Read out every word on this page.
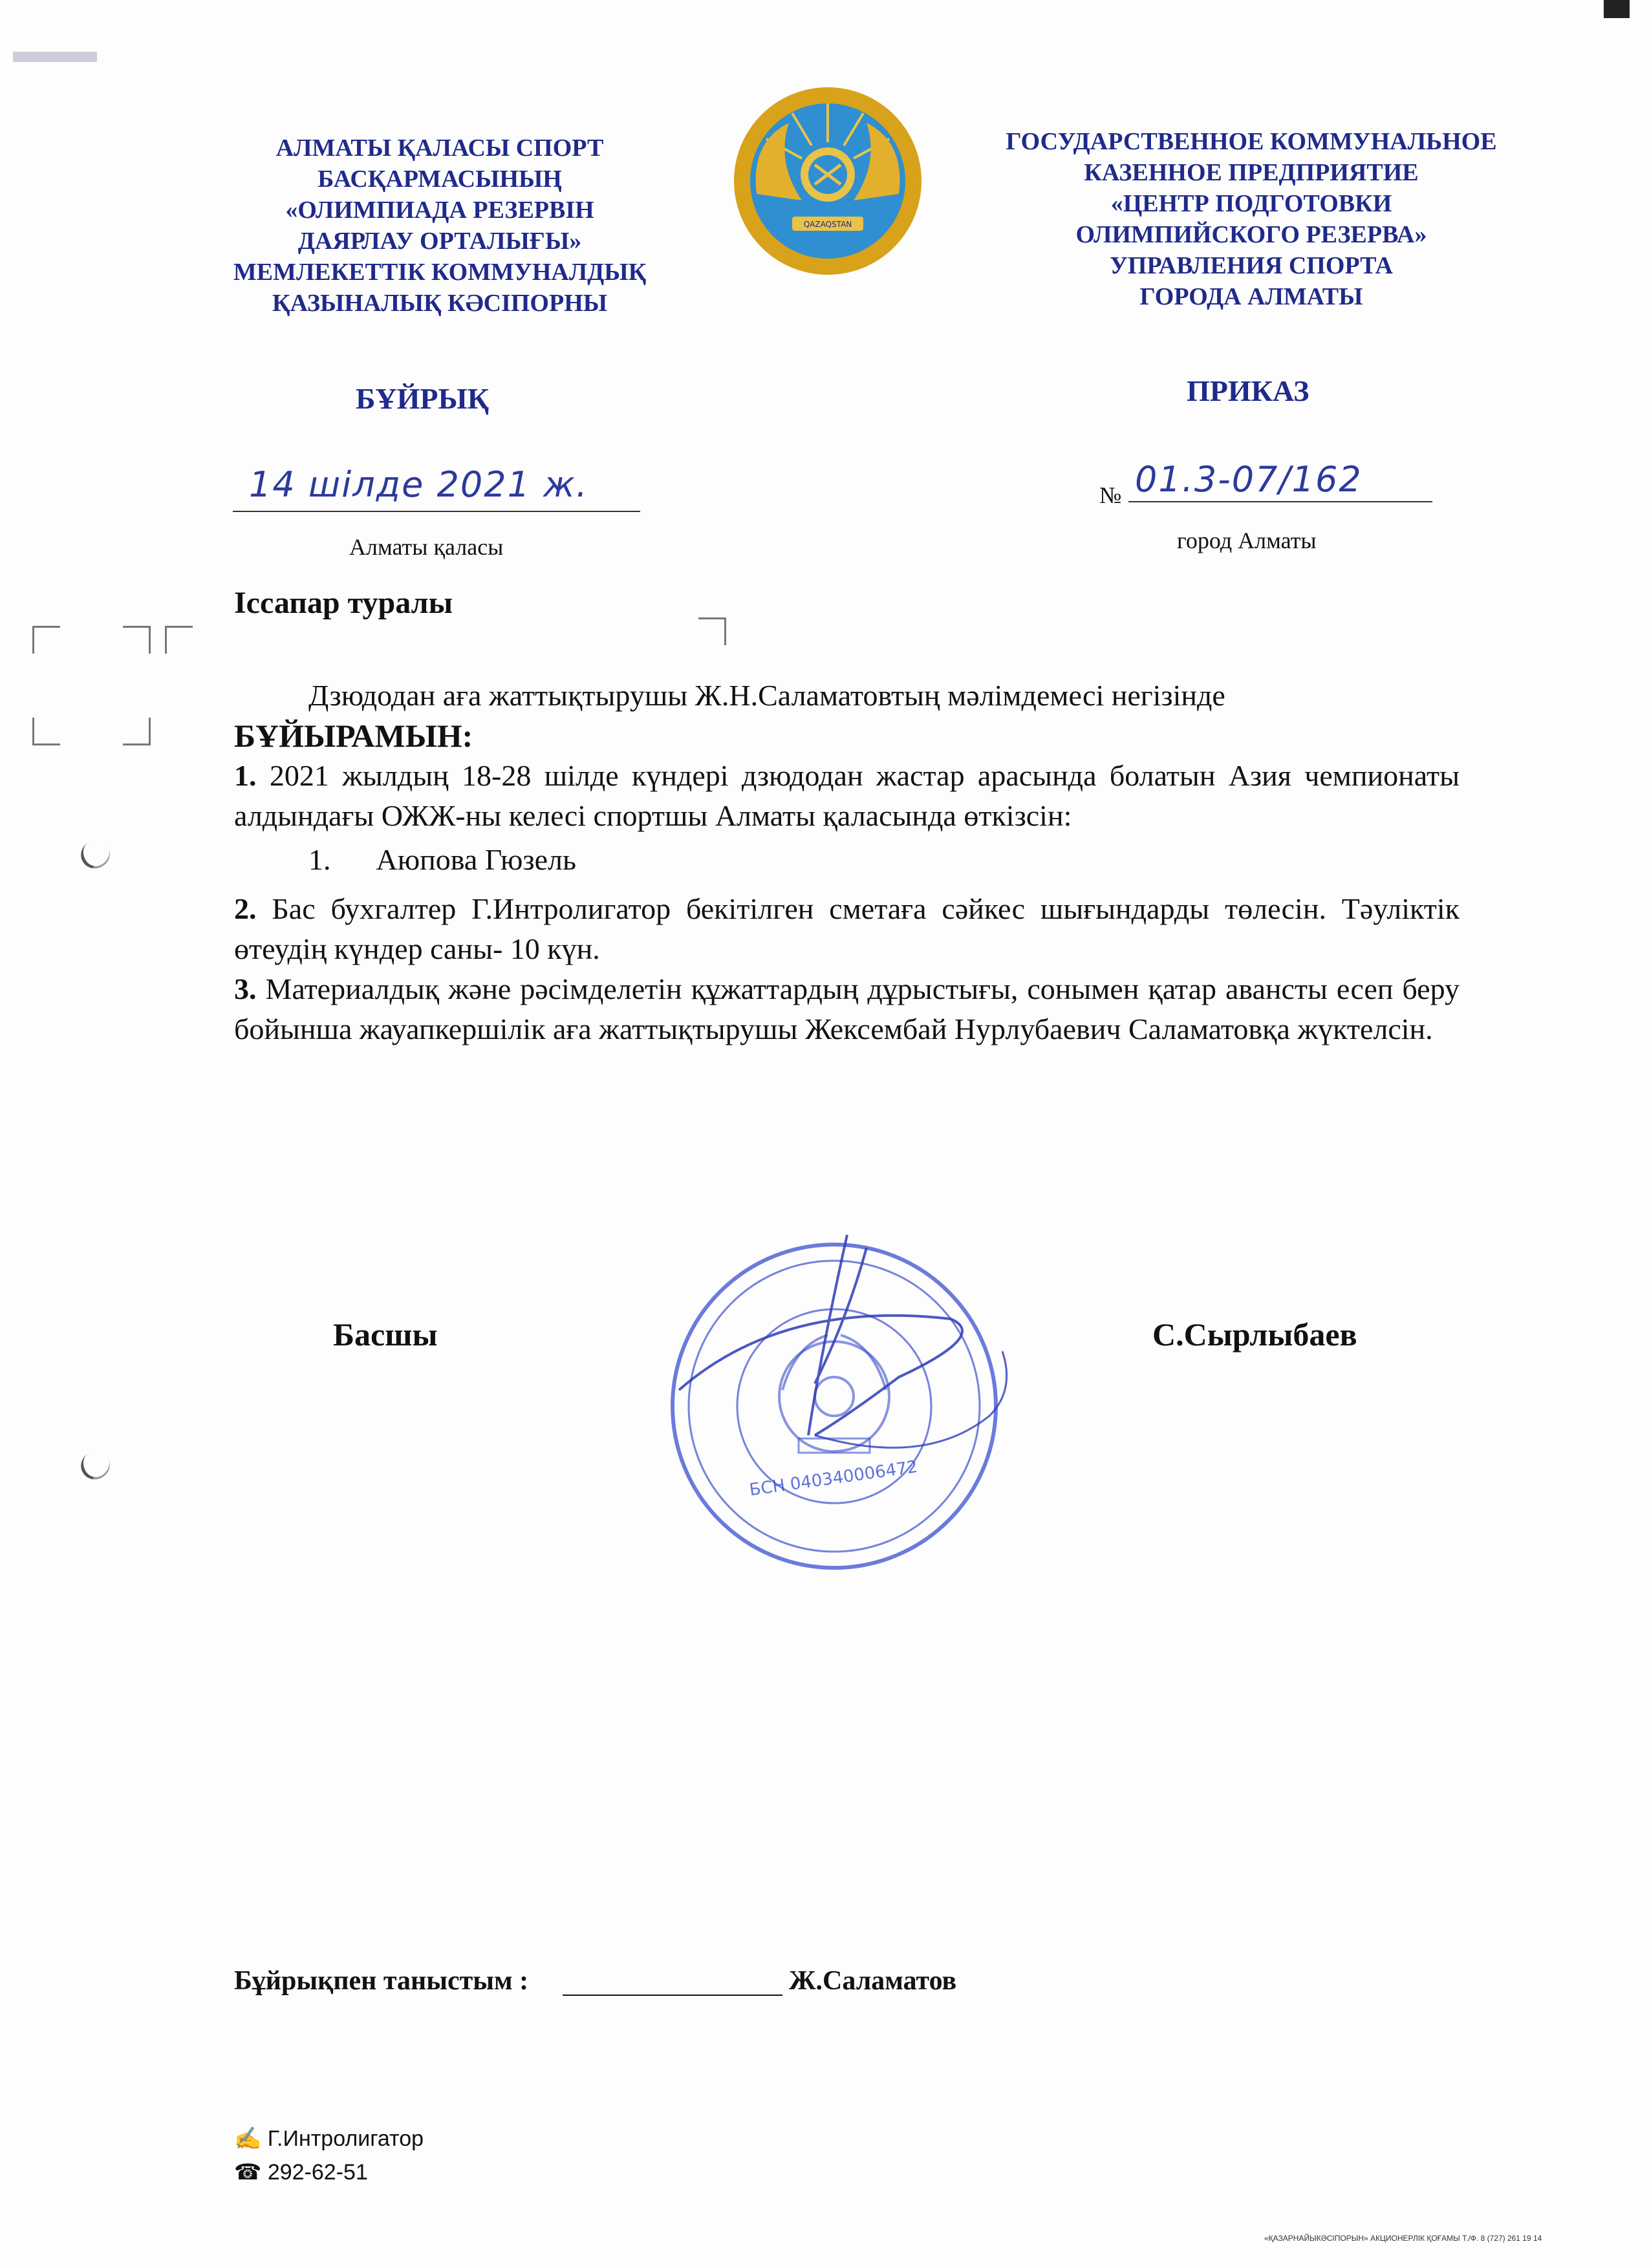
АЛМАТЫ ҚАЛАСЫ СПОРТ
БАСҚАРМАСЫНЫҢ
«ОЛИМПИАДА РЕЗЕРВІН
ДАЯРЛАУ ОРТАЛЫҒЫ»
МЕМЛЕКЕТТІК КОММУНАЛДЫҚ
ҚАЗЫНАЛЫҚ КӘСІПОРНЫ
QAZAQSTAN
ГОСУДАРСТВЕННОЕ КОММУНАЛЬНОЕ
КАЗЕННОЕ ПРЕДПРИЯТИЕ
«ЦЕНТР ПОДГОТОВКИ
ОЛИМПИЙСКОГО РЕЗЕРВА»
УПРАВЛЕНИЯ СПОРТА
ГОРОДА АЛМАТЫ
БҰЙРЫҚ	ПРИКАЗ
14 шілде 2021 ж.
Алматы қаласы
№ 01.3-07/162
город Алматы
Іссапар туралы

Дзюдодан аға жаттықтырушы Ж.Н.Саламатовтың мәлімдемесі негізінде

БҰЙЫРАМЫН:

1. 2021 жылдың 18-28 шілде күндері дзюдодан жастар арасында болатын Азия чемпионаты алдындағы ОЖЖ-ны келесі спортшы Алматы қаласында өткізсін:

1. Аюпова Гюзель

2. Бас бухгалтер Г.Интролигатор бекітілген сметаға сәйкес шығындарды төлесін. Тәуліктік өтеудің күндер саны- 10 күн.

3. Материалдық және рәсімделетін құжаттардың дұрыстығы, сонымен қатар авансты есеп беру бойынша жауапкершілік аға жаттықтырушы Жексембай Нурлубаевич Саламатовқа жүктелсін.

Басшы	С.Сырлыбаев
БСН 040340006472
Бұйрықпен таныстым :	Ж.Саламатов
✍ Г.Интролигатор
☎ 292-62-51
«ҚАЗАРНАЙЫКӘСІПОРЫН» АКЦИОНЕРЛІК ҚОҒАМЫ Т./Ф. 8 (727) 261 19 14
